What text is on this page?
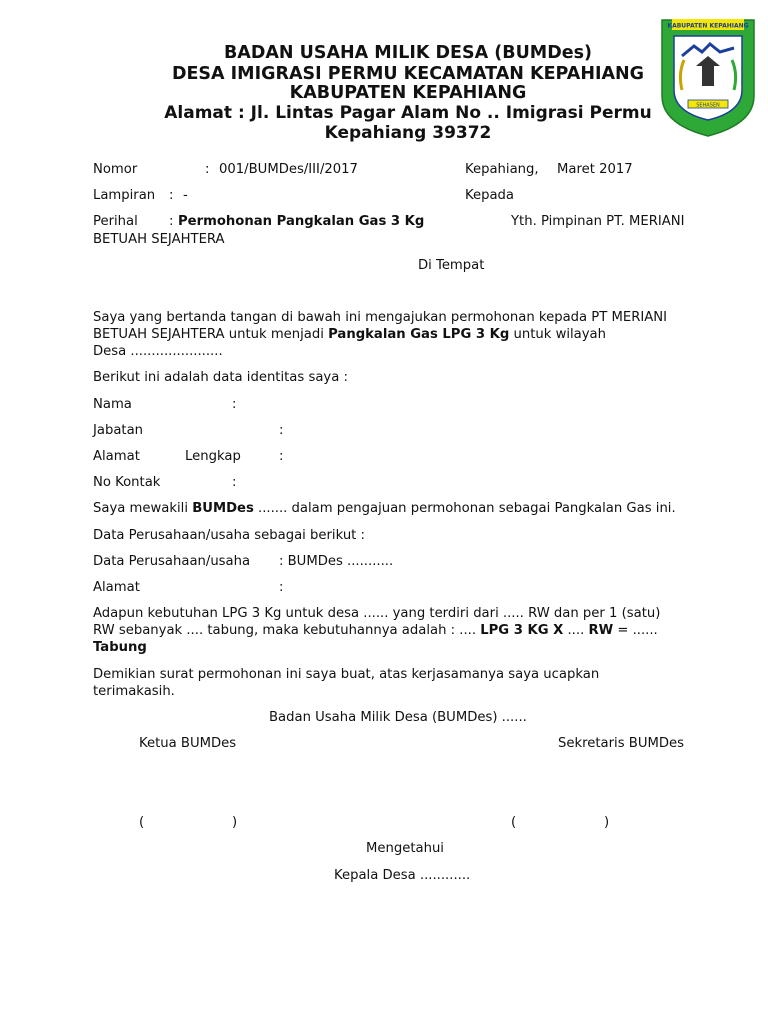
BADAN USAHA MILIK DESA (BUMDes)
DESA IMIGRASI PERMU KECAMATAN KEPAHIANG
KABUPATEN KEPAHIANG
Alamat : Jl. Lintas Pagar Alam No .. Imigrasi Permu
Kepahiang 39372
KABUPATEN KEPAHIANG
SEHASEN
Nomor	: 001/BUMDes/III/2017	Kepahiang, Maret 2017
Lampiran : -	Kepada
Perihal : Permohonan Pangkalan Gas 3 Kg	Yth. Pimpinan PT. MERIANI
BETUAH SEJAHTERA
Di Tempat
Saya yang bertanda tangan di bawah ini mengajukan permohonan kepada PT MERIANI
BETUAH SEJAHTERA untuk menjadi Pangkalan Gas LPG 3 Kg untuk wilayah
Desa ......................
Berikut ini adalah data identitas saya :
Nama	:
Jabatan	:
Alamat	Lengkap	:
No Kontak	:
Saya mewakili BUMDes ....... dalam pengajuan permohonan sebagai Pangkalan Gas ini.
Data Perusahaan/usaha sebagai berikut :
Data Perusahaan/usaha : BUMDes ...........
Alamat	:
Adapun kebutuhan LPG 3 Kg untuk desa ...... yang terdiri dari ..... RW dan per 1 (satu)
RW sebanyak .... tabung, maka kebutuhannya adalah : .... LPG 3 KG X .... RW = ......
Tabung
Demikian surat permohonan ini saya buat, atas kerjasamanya saya ucapkan
terimakasih.
Badan Usaha Milik Desa (BUMDes) ......
Ketua BUMDes	Sekretaris BUMDes
(	)	(	)
Mengetahui
Kepala Desa ............
